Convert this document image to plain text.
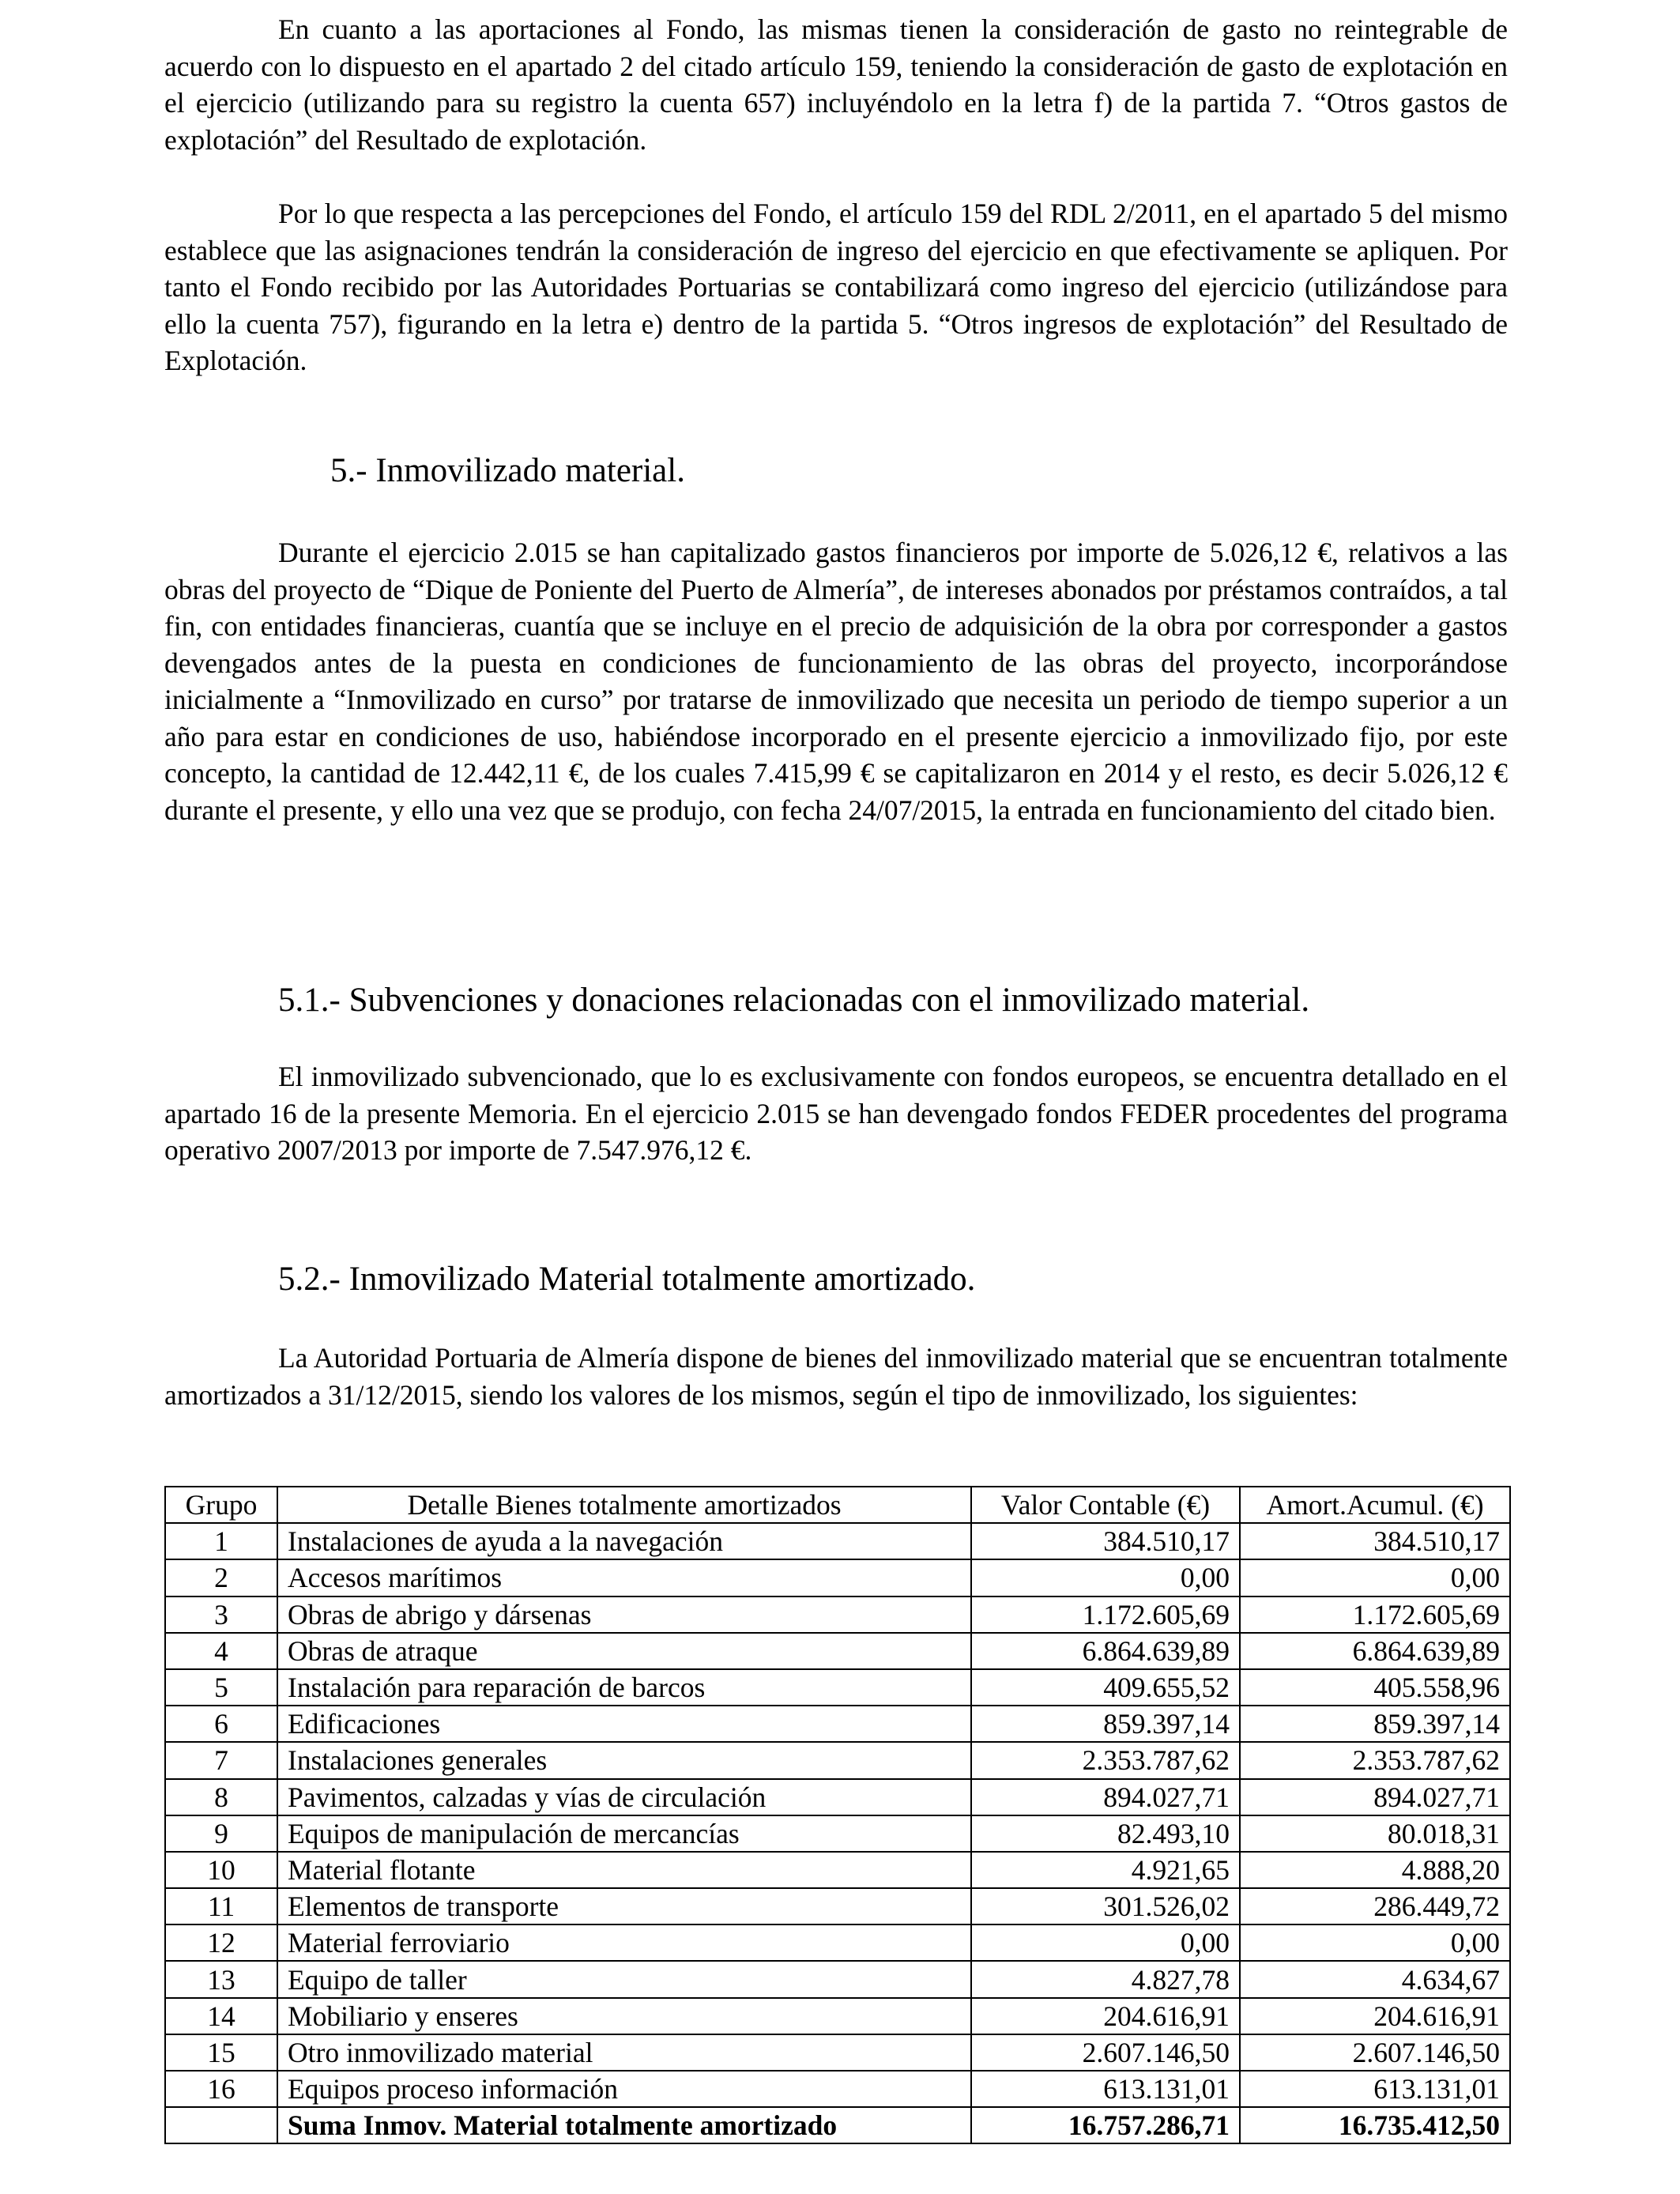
En cuanto a las aportaciones al Fondo, las mismas tienen la consideración de gasto no reintegrable de acuerdo con lo dispuesto en el apartado 2 del citado artículo 159, teniendo la consideración de gasto de explotación en el ejercicio (utilizando para su registro la cuenta 657) incluyéndolo en la letra f) de la partida 7. “Otros gastos de explotación” del Resultado de explotación.

Por lo que respecta a las percepciones del Fondo, el artículo 159 del RDL 2/2011, en el apartado 5 del mismo establece que las asignaciones tendrán la consideración de ingreso del ejercicio en que efectivamente se apliquen. Por tanto el Fondo recibido por las Autoridades Portuarias se contabilizará como ingreso del ejercicio (utilizándose para ello la cuenta 757), figurando en la letra e) dentro de la partida 5. “Otros ingresos de explotación” del Resultado de Explotación.

5.- Inmovilizado material.

Durante el ejercicio 2.015 se han capitalizado gastos financieros por importe de 5.026,12 €, relativos a las obras del proyecto de “Dique de Poniente del Puerto de Almería”, de intereses abonados por préstamos contraídos, a tal fin, con entidades financieras, cuantía que se incluye en el precio de adquisición de la obra por corresponder a gastos devengados antes de la puesta en condiciones de funcionamiento de las obras del proyecto, incorporándose inicialmente a “Inmovilizado en curso” por tratarse de inmovilizado que necesita un periodo de tiempo superior a un año para estar en condiciones de uso, habiéndose incorporado en el presente ejercicio a inmovilizado fijo, por este concepto, la cantidad de 12.442,11 €, de los cuales 7.415,99 € se capitalizaron en 2014 y el resto, es decir 5.026,12 € durante el presente, y ello una vez que se produjo, con fecha 24/07/2015, la entrada en funcionamiento del citado bien.

5.1.- Subvenciones y donaciones relacionadas con el inmovilizado material.

El inmovilizado subvencionado, que lo es exclusivamente con fondos europeos, se encuentra detallado en el apartado 16 de la presente Memoria. En el ejercicio 2.015 se han devengado fondos FEDER procedentes del programa operativo 2007/2013 por importe de 7.547.976,12 €.

5.2.- Inmovilizado Material totalmente amortizado.

La Autoridad Portuaria de Almería dispone de bienes del inmovilizado material que se encuentran totalmente amortizados a 31/12/2015, siendo los valores de los mismos, según el tipo de inmovilizado, los siguientes:

Grupo	Detalle Bienes totalmente amortizados	Valor Contable (€)	Amort.Acumul. (€)
1	Instalaciones de ayuda a la navegación	384.510,17	384.510,17
2	Accesos marítimos	0,00	0,00
3	Obras de abrigo y dársenas	1.172.605,69	1.172.605,69
4	Obras de atraque	6.864.639,89	6.864.639,89
5	Instalación para reparación de barcos	409.655,52	405.558,96
6	Edificaciones	859.397,14	859.397,14
7	Instalaciones generales	2.353.787,62	2.353.787,62
8	Pavimentos, calzadas y vías de circulación	894.027,71	894.027,71
9	Equipos de manipulación de mercancías	82.493,10	80.018,31
10	Material flotante	4.921,65	4.888,20
11	Elementos de transporte	301.526,02	286.449,72
12	Material ferroviario	0,00	0,00
13	Equipo de taller	4.827,78	4.634,67
14	Mobiliario y enseres	204.616,91	204.616,91
15	Otro inmovilizado material	2.607.146,50	2.607.146,50
16	Equipos proceso información	613.131,01	613.131,01
	Suma Inmov. Material totalmente amortizado	16.757.286,71	16.735.412,50
